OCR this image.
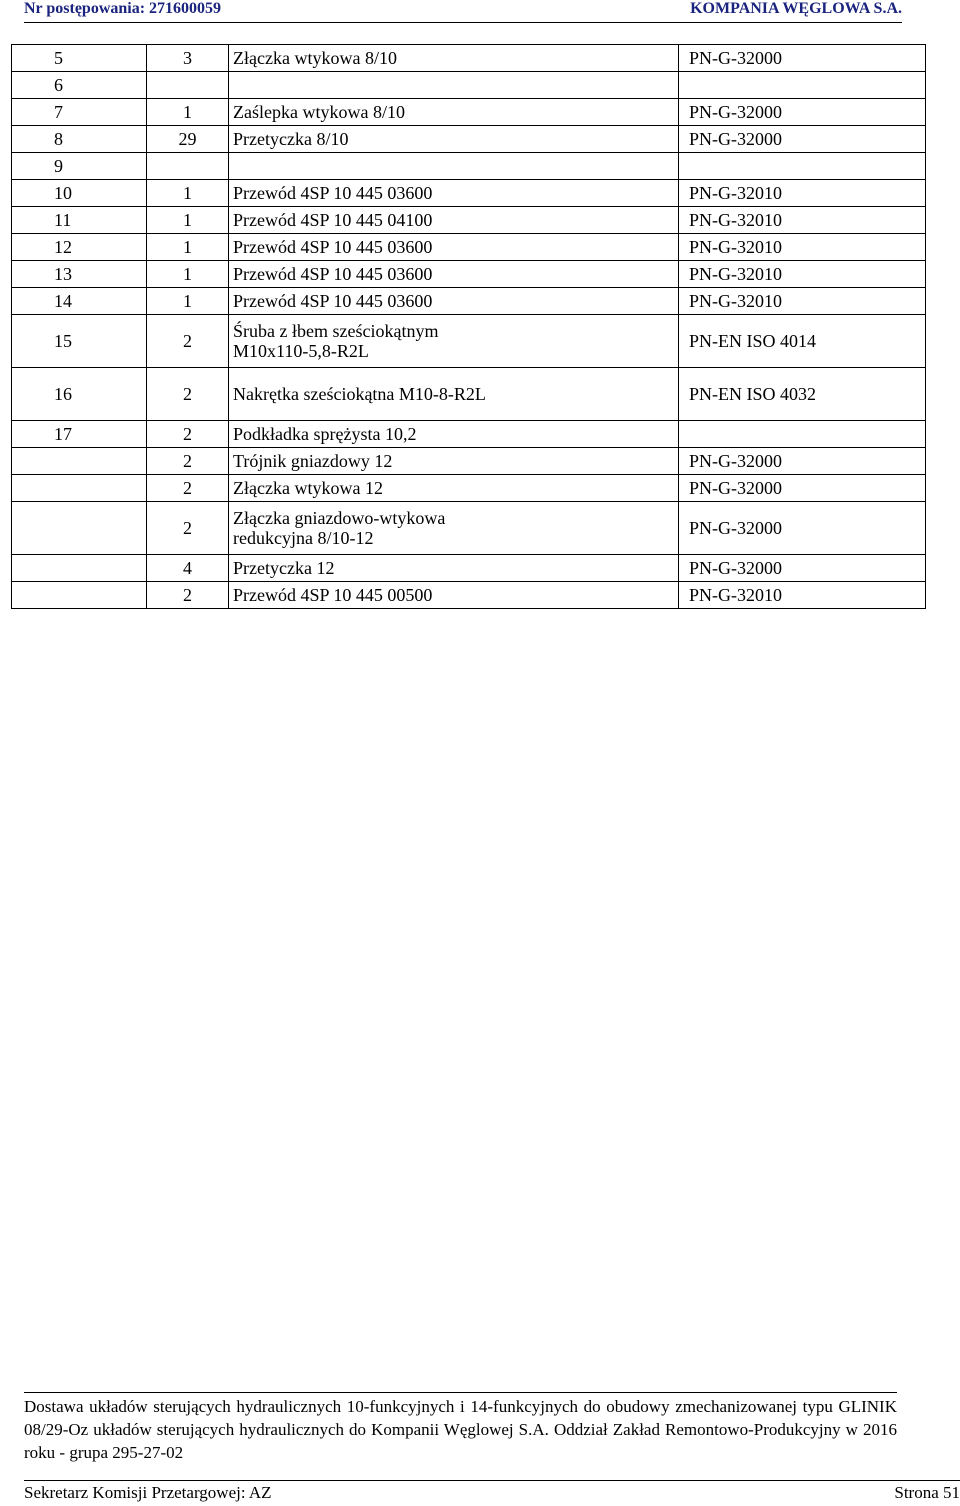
Nr postępowania: 271600059	KOMPANIA WĘGLOWA S.A.
5	3	Złączka wtykowa 8/10	PN-G-32000
6			
7	1	Zaślepka wtykowa 8/10	PN-G-32000
8	29	Przetyczka 8/10	PN-G-32000
9			
10	1	Przewód 4SP 10 445 03600	PN-G-32010
11	1	Przewód 4SP 10 445 04100	PN-G-32010
12	1	Przewód 4SP 10 445 03600	PN-G-32010
13	1	Przewód 4SP 10 445 03600	PN-G-32010
14	1	Przewód 4SP 10 445 03600	PN-G-32010
15	2	Śruba z łbem sześciokątnym M10x110-5,8-R2L	PN-EN ISO 4014
16	2	Nakrętka sześciokątna M10-8-R2L	PN-EN ISO 4032
17	2	Podkładka sprężysta 10,2	
	2	Trójnik gniazdowy 12	PN-G-32000
	2	Złączka wtykowa 12	PN-G-32000
	2	Złączka gniazdowo-wtykowa redukcyjna 8/10-12	PN-G-32000
	4	Przetyczka 12	PN-G-32000
	2	Przewód 4SP 10 445 00500	PN-G-32010
Dostawa układów sterujących hydraulicznych 10-funkcyjnych i 14-funkcyjnych do obudowy zmechanizowanej typu GLINIK 08/29-Oz układów sterujących hydraulicznych do Kompanii Węglowej S.A. Oddział Zakład Remontowo-Produkcyjny w 2016 roku - grupa 295-27-02
Sekretarz Komisji Przetargowej: AZ	Strona 51
